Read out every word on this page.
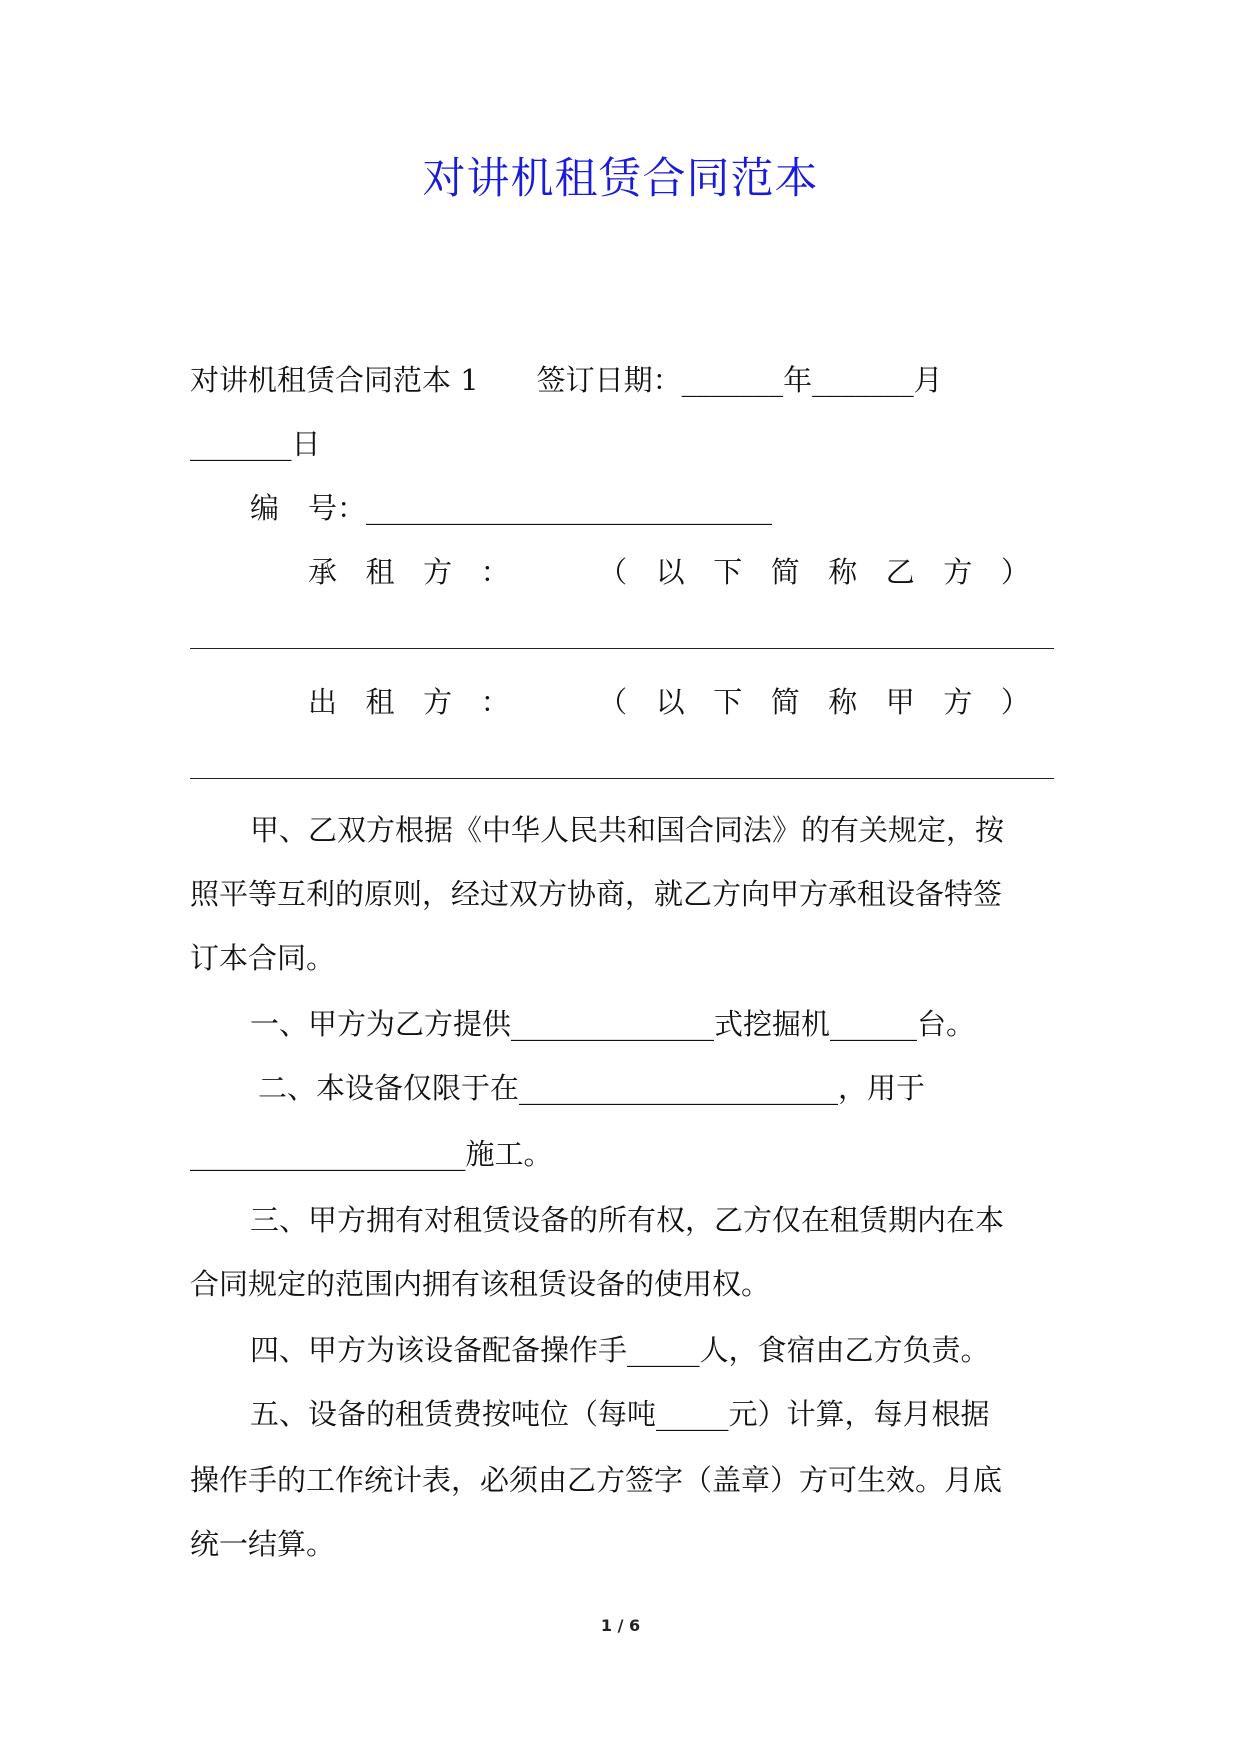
对讲机租赁合同范本
对讲机租赁合同范本 1　　签订日期：_______年_______月
_______日
编　号：____________________________
承 租 方 ：	（ 以 下 简 称 乙 方 ）
出 租 方 ：	（ 以 下 简 称 甲 方 ）
甲、乙双方根据《中华人民共和国合同法》的有关规定，按
照平等互利的原则，经过双方协商，就乙方向甲方承租设备特签
订本合同。
一、甲方为乙方提供______________式挖掘机______台。
二、本设备仅限于在______________________，用于
___________________施工。
三、甲方拥有对租赁设备的所有权，乙方仅在租赁期内在本
合同规定的范围内拥有该租赁设备的使用权。
四、甲方为该设备配备操作手_____人，食宿由乙方负责。
五、设备的租赁费按吨位（每吨_____元）计算，每月根据
操作手的工作统计表，必须由乙方签字（盖章）方可生效。月底
统一结算。
1 / 6
